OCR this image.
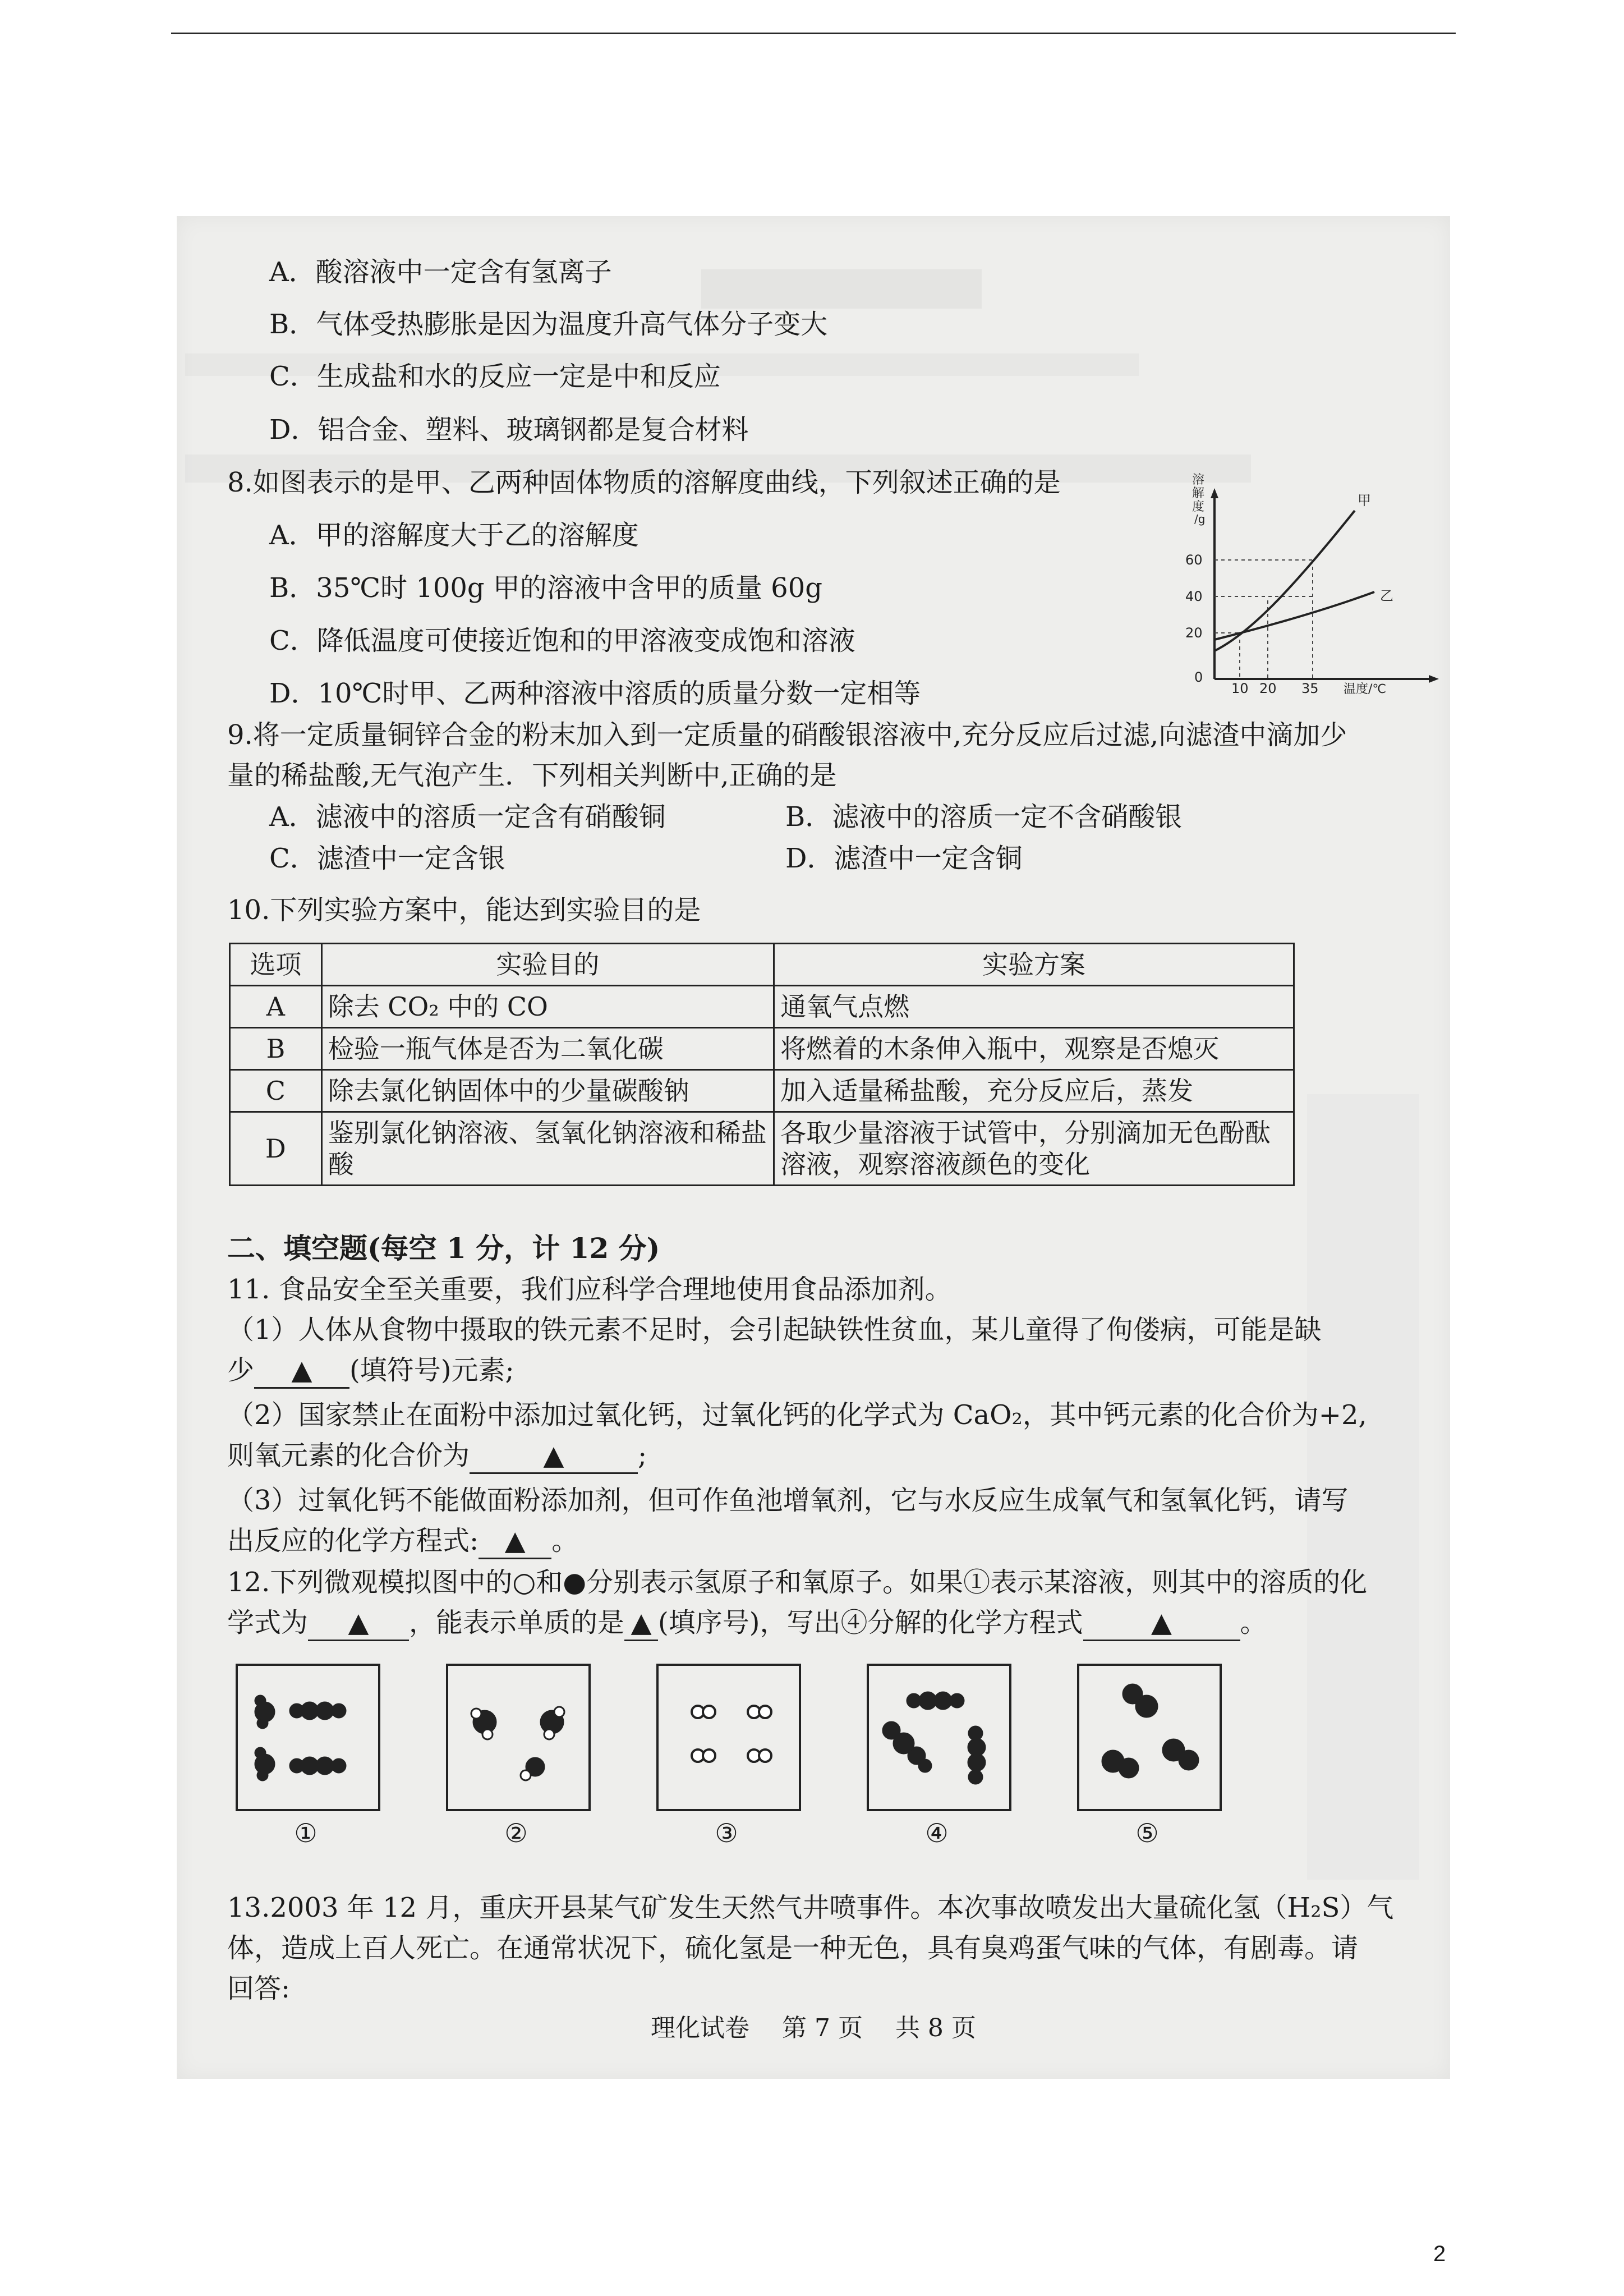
A．酸溶液中一定含有氢离子
B．气体受热膨胀是因为温度升高气体分子变大
C．生成盐和水的反应一定是中和反应
D．铝合金、塑料、玻璃钢都是复合材料
8.如图表示的是甲、乙两种固体物质的溶解度曲线，下列叙述正确的是
A．甲的溶解度大于乙的溶解度
B．35℃时 100g 甲的溶液中含甲的质量 60g
C．降低温度可使接近饱和的甲溶液变成饱和溶液
D．10℃时甲、乙两种溶液中溶质的质量分数一定相等
溶
解
度
/g
60
40
20
0
10 20 35 温度/℃
甲
乙
9.将一定质量铜锌合金的粉末加入到一定质量的硝酸银溶液中,充分反应后过滤,向滤渣中滴加少
量的稀盐酸,无气泡产生．下列相关判断中,正确的是
A．滤液中的溶质一定含有硝酸铜	B．滤液中的溶质一定不含硝酸银
C．滤渣中一定含银	D．滤渣中一定含铜
10.下列实验方案中，能达到实验目的是
选项	实验目的	实验方案
A	除去 CO₂ 中的 CO	通氧气点燃
B	检验一瓶气体是否为二氧化碳	将燃着的木条伸入瓶中，观察是否熄灭
C	除去氯化钠固体中的少量碳酸钠	加入适量稀盐酸，充分反应后，蒸发
D	鉴别氯化钠溶液、氢氧化钠溶液和稀盐酸	各取少量溶液于试管中，分别滴加无色酚酞溶液，观察溶液颜色的变化
二、填空题(每空 1 分，计 12 分)
11. 食品安全至关重要，我们应科学合理地使用食品添加剂。
（1）人体从食物中摄取的铁元素不足时，会引起缺铁性贫血，某儿童得了佝偻病，可能是缺
少 ▲ (填符号)元素;
（2）国家禁止在面粉中添加过氧化钙，过氧化钙的化学式为 CaO₂，其中钙元素的化合价为+2,
则氧元素的化合价为	▲	;
（3）过氧化钙不能做面粉添加剂，但可作鱼池增氧剂，它与水反应生成氧气和氢氧化钙，请写
出反应的化学方程式: ▲ 。
12.下列微观模拟图中的○和●分别表示氢原子和氧原子。如果①表示某溶液，则其中的溶质的化
学式为 ▲ ，能表示单质的是 ▲ (填序号)，写出④分解的化学方程式	▲	。
①	②	③	④	⑤
13.2003 年 12 月，重庆开县某气矿发生天然气井喷事件。本次事故喷发出大量硫化氢（H₂S）气
体，造成上百人死亡。在通常状况下，硫化氢是一种无色，具有臭鸡蛋气味的气体，有剧毒。请
回答:
理化试卷　 第 7 页　 共 8 页
2
